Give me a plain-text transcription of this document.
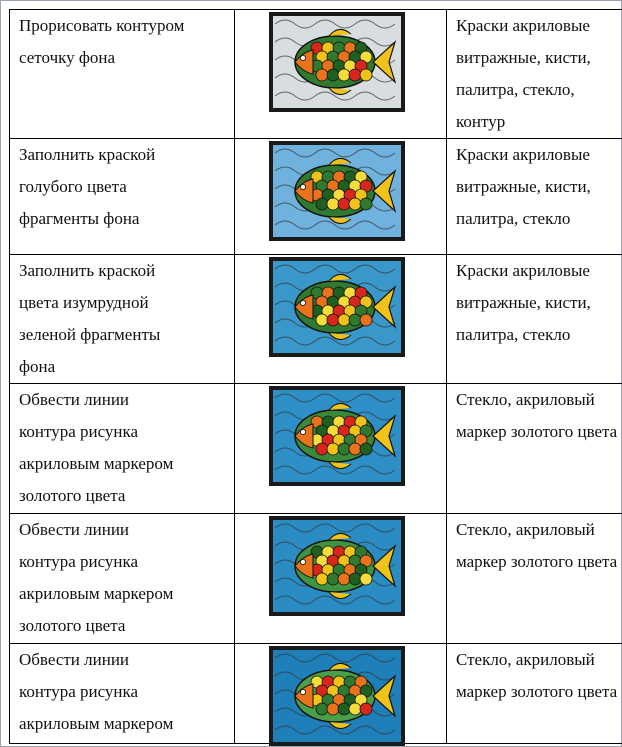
Прорисовать контуром
сеточку фона		Краски акриловые
витражные, кисти,
палитра, стекло,
контур

Заполнить краской
голубого цвета
фрагменты фона		Краски акриловые
витражные, кисти,
палитра, стекло

Заполнить краской
цвета изумрудной
зеленой фрагменты
фона		Краски акриловые
витражные, кисти,
палитра, стекло

Обвести линии
контура рисунка
акриловым маркером
золотого цвета		Стекло, акриловый
маркер золотого цвета

Обвести линии
контура рисунка
акриловым маркером
золотого цвета		Стекло, акриловый
маркер золотого цвета

Обвести линии
контура рисунка
акриловым маркером		Стекло, акриловый
маркер золотого цвета
